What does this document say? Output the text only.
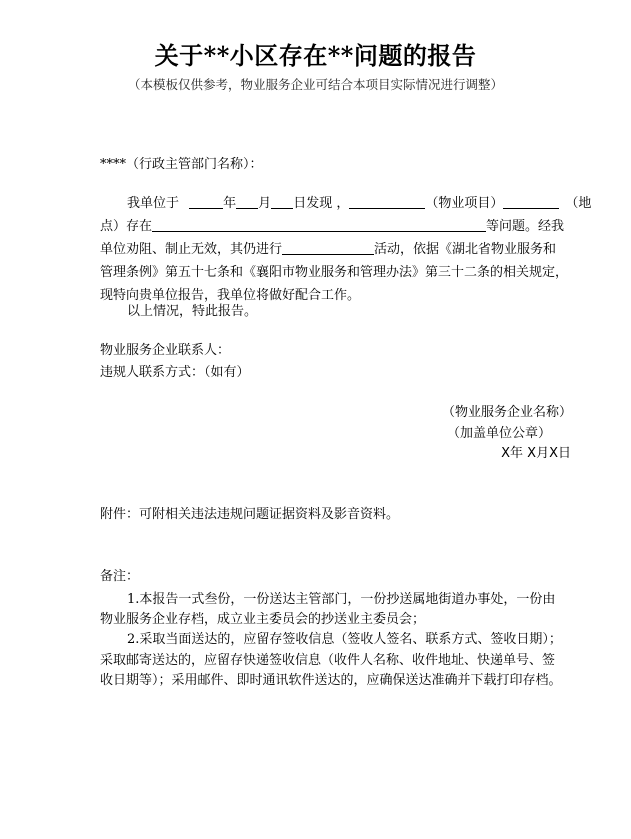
关于**小区存在**问题的报告
（本模板仅供参考，物业服务企业可结合本项目实际情况进行调整）
****（行政主管部门名称）：
我单位于	年 月 日发现 ，	（物业项目）	（地
点）存在	等问题。经我
单位劝阻、制止无效，其仍进行	活动，依据《湖北省物业服务和
管理条例》第五十七条和《襄阳市物业服务和管理办法》第三十二条的相关规定，
现特向贵单位报告，我单位将做好配合工作。
以上情况，特此报告。
物业服务企业联系人：
违规人联系方式：（如有）
（物业服务企业名称）
（加盖单位公章）
X年 X月X日
附件：可附相关违法违规问题证据资料及影音资料。
备注：
1.本报告一式叁份，一份送达主管部门，一份抄送属地街道办事处，一份由
物业服务企业存档，成立业主委员会的抄送业主委员会；
2.采取当面送达的，应留存签收信息（签收人签名、联系方式、签收日期）；
采取邮寄送达的，应留存快递签收信息（收件人名称、收件地址、快递单号、签
收日期等）；采用邮件、即时通讯软件送达的，应确保送达准确并下载打印存档。
